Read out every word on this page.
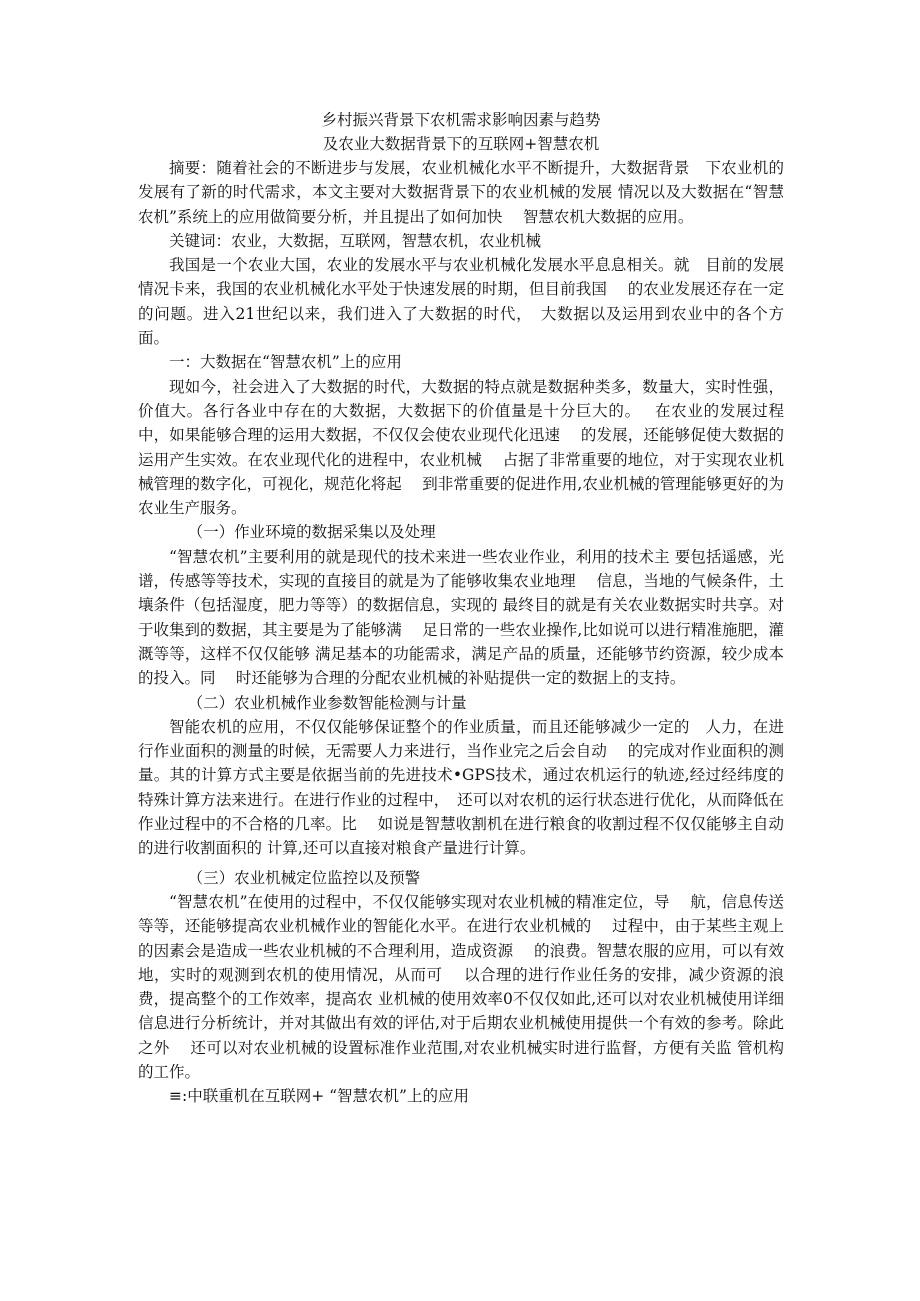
乡村振兴背景下农机需求影响因素与趋势
及农业大数据背景下的互联网+智慧农机

摘要：随着社会的不断进步与发展，农业机械化水平不断提升，大数据背景　下农业机的发展有了新的时代需求，本文主要对大数据背景下的农业机械的发展 情况以及大数据在“智慧农机”系统上的应用做简要分析，并且提出了如何加快　 智慧农机大数据的应用。

关键词：农业，大数据，互联网，智慧农机，农业机械

我国是一个农业大国，农业的发展水平与农业机械化发展水平息息相关。就　目前的发展情况卡来，我国的农业机械化水平处于快速发展的时期，但目前我国　 的农业发展还存在一定的问题。进入21世纪以来，我们进入了大数据的时代，　大数据以及运用到农业中的各个方面。

一：大数据在“智慧农机”上的应用

现如今，社会进入了大数据的时代，大数据的特点就是数据种类多，数量大，实时性强，价值大。各行各业中存在的大数据，大数据下的价值量是十分巨大的。　 在农业的发展过程中，如果能够合理的运用大数据，不仅仅会使农业现代化迅速　 的发展，还能够促使大数据的运用产生实效。在农业现代化的进程中，农业机械　 占据了非常重要的地位，对于实现农业机械管理的数字化，可视化，规范化将起　 到非常重要的促进作用,农业机械的管理能够更好的为农业生产服务。

（一）作业环境的数据采集以及处理

“智慧农机”主要利用的就是现代的技术来进一些农业作业，利用的技术主 要包括遥感，光谱，传感等等技术，实现的直接目的就是为了能够收集农业地理　 信息，当地的气候条件，土壤条件（包括湿度，肥力等等）的数据信息，实现的 最终目的就是有关农业数据实时共享。对于收集到的数据，其主要是为了能够满　 足日常的一些农业操作,比如说可以进行精准施肥，灌溉等等，这样不仅仅能够 满足基本的功能需求，满足产品的质量，还能够节约资源，较少成本的投入。同　 时还能够为合理的分配农业机械的补贴提供一定的数据上的支持。

（二）农业机械作业参数智能检测与计量

智能农机的应用，不仅仅能够保证整个的作业质量，而且还能够减少一定的　人力，在进行作业面积的测量的时候，无需要人力来进行，当作业完之后会自动　 的完成对作业面积的测量。其的计算方式主要是依据当前的先进技术•GPS技术，通过农机运行的轨迹,经过经纬度的特殊计算方法来进行。在进行作业的过程中，　还可以对农机的运行状态进行优化，从而降低在作业过程中的不合格的几率。比　 如说是智慧收割机在进行粮食的收割过程不仅仅能够主自动的进行收割面积的 计算,还可以直接对粮食产量进行计算。

（三）农业机械定位监控以及预警

“智慧农机”在使用的过程中，不仅仅能够实现对农业机械的精准定位，导　 航，信息传送等等，还能够提高农业机械作业的智能化水平。在进行农业机械的　 过程中，由于某些主观上的因素会是造成一些农业机械的不合理利用，造成资源　 的浪费。智慧农服的应用，可以有效地，实时的观测到农机的使用情况，从而可　 以合理的进行作业任务的安排，减少资源的浪费，提高整个的工作效率，提高农 业机械的使用效率0不仅仅如此,还可以对农业机械使用详细信息进行分析统计，并对其做出有效的评估,对于后期农业机械使用提供一个有效的参考。除此之外　 还可以对农业机械的设置标准作业范围,对农业机械实时进行监督，方便有关监 管机构的工作。

≡:中联重机在互联网+ “智慧农机”上的应用
